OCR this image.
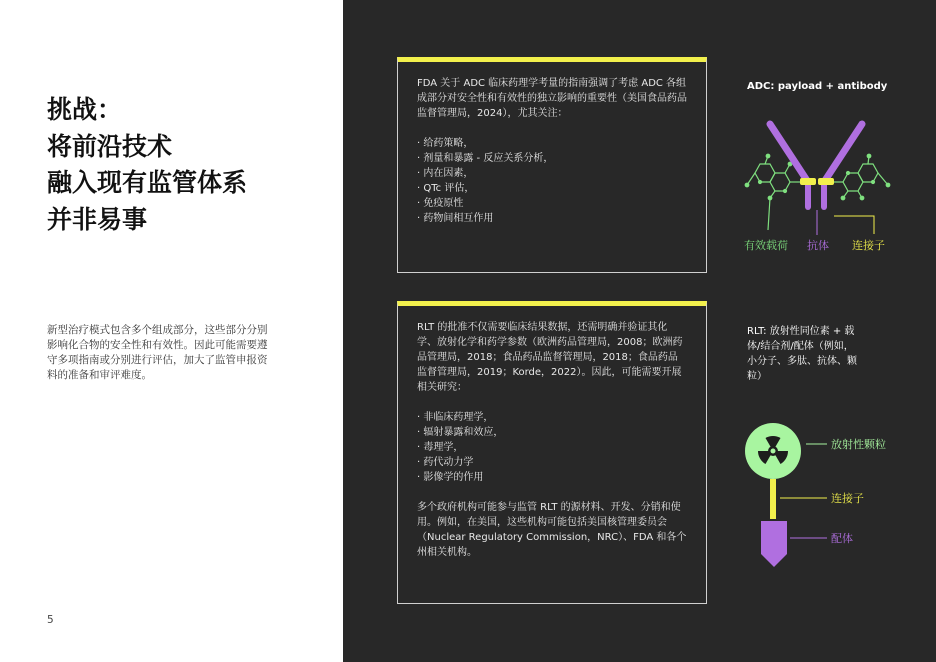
挑战：
将前沿技术
融入现有监管体系
并非易事

新型治疗模式包含多个组成部分，这些部分分别影响化合物的安全性和有效性。因此可能需要遵守多项指南或分别进行评估，加大了监管申报资料的准备和审评难度。

5

FDA 关于 ADC 临床药理学考量的指南强调了考虑 ADC 各组成部分对安全性和有效性的独立影响的重要性（美国食品药品监督管理局，2024），尤其关注：

· 给药策略，
· 剂量和暴露 - 反应关系分析，
· 内在因素，
· QTc 评估，
· 免疫原性
· 药物间相互作用

RLT 的批准不仅需要临床结果数据，还需明确并验证其化学、放射化学和药学参数（欧洲药品管理局，2008；欧洲药品管理局，2018；食品药品监督管理局，2018；食品药品监督管理局，2019；Korde，2022）。因此，可能需要开展相关研究：

· 非临床药理学，
· 辐射暴露和效应，
· 毒理学，
· 药代动力学
· 影像学的作用

多个政府机构可能参与监管 RLT 的源材料、开发、分销和使用。例如，在美国，这些机构可能包括美国核管理委员会（Nuclear Regulatory Commission，NRC）、FDA 和各个州相关机构。

ADC: payload + antibody
有效载荷 抗体 连接子
RLT: 放射性同位素 + 载体/结合剂/配体（例如，小分子、多肽、抗体、颗粒）
放射性颗粒
连接子
配体
